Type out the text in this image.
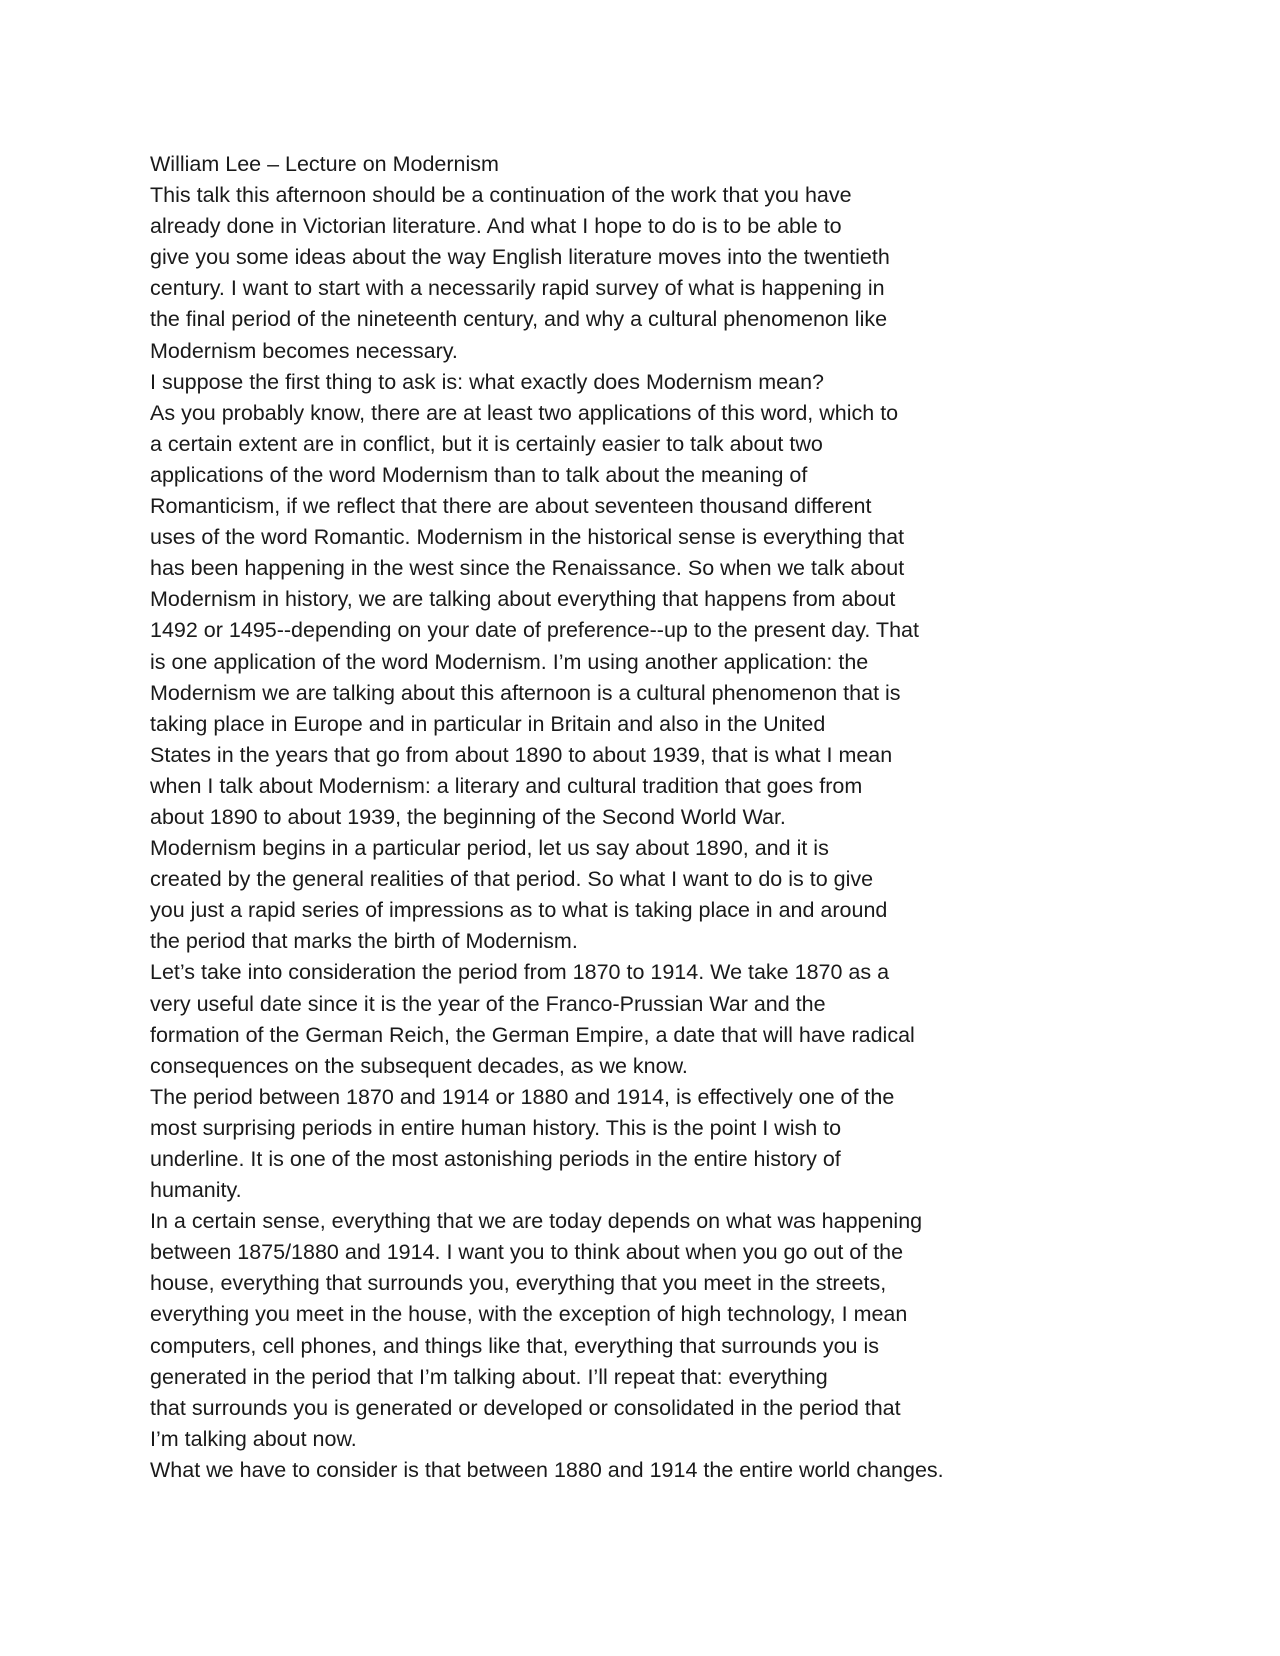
William Lee – Lecture on Modernism
This talk this afternoon should be a continuation of the work that you have
already done in Victorian literature. And what I hope to do is to be able to
give you some ideas about the way English literature moves into the twentieth
century. I want to start with a necessarily rapid survey of what is happening in
the final period of the nineteenth century, and why a cultural phenomenon like
Modernism becomes necessary.
I suppose the first thing to ask is: what exactly does Modernism mean?
As you probably know, there are at least two applications of this word, which to
a certain extent are in conflict, but it is certainly easier to talk about two
applications of the word Modernism than to talk about the meaning of
Romanticism, if we reflect that there are about seventeen thousand different
uses of the word Romantic. Modernism in the historical sense is everything that
has been happening in the west since the Renaissance. So when we talk about
Modernism in history, we are talking about everything that happens from about
1492 or 1495--depending on your date of preference--up to the present day. That
is one application of the word Modernism. I’m using another application: the
Modernism we are talking about this afternoon is a cultural phenomenon that is
taking place in Europe and in particular in Britain and also in the United
States in the years that go from about 1890 to about 1939, that is what I mean
when I talk about Modernism: a literary and cultural tradition that goes from
about 1890 to about 1939, the beginning of the Second World War.
Modernism begins in a particular period, let us say about 1890, and it is
created by the general realities of that period. So what I want to do is to give
you just a rapid series of impressions as to what is taking place in and around
the period that marks the birth of Modernism.
Let’s take into consideration the period from 1870 to 1914. We take 1870 as a
very useful date since it is the year of the Franco-Prussian War and the
formation of the German Reich, the German Empire, a date that will have radical
consequences on the subsequent decades, as we know.
The period between 1870 and 1914 or 1880 and 1914, is effectively one of the
most surprising periods in entire human history. This is the point I wish to
underline. It is one of the most astonishing periods in the entire history of
humanity.
In a certain sense, everything that we are today depends on what was happening
between 1875/1880 and 1914. I want you to think about when you go out of the
house, everything that surrounds you, everything that you meet in the streets,
everything you meet in the house, with the exception of high technology, I mean
computers, cell phones, and things like that, everything that surrounds you is
generated in the period that I’m talking about. I’ll repeat that: everything
that surrounds you is generated or developed or consolidated in the period that
I’m talking about now.
What we have to consider is that between 1880 and 1914 the entire world changes.
